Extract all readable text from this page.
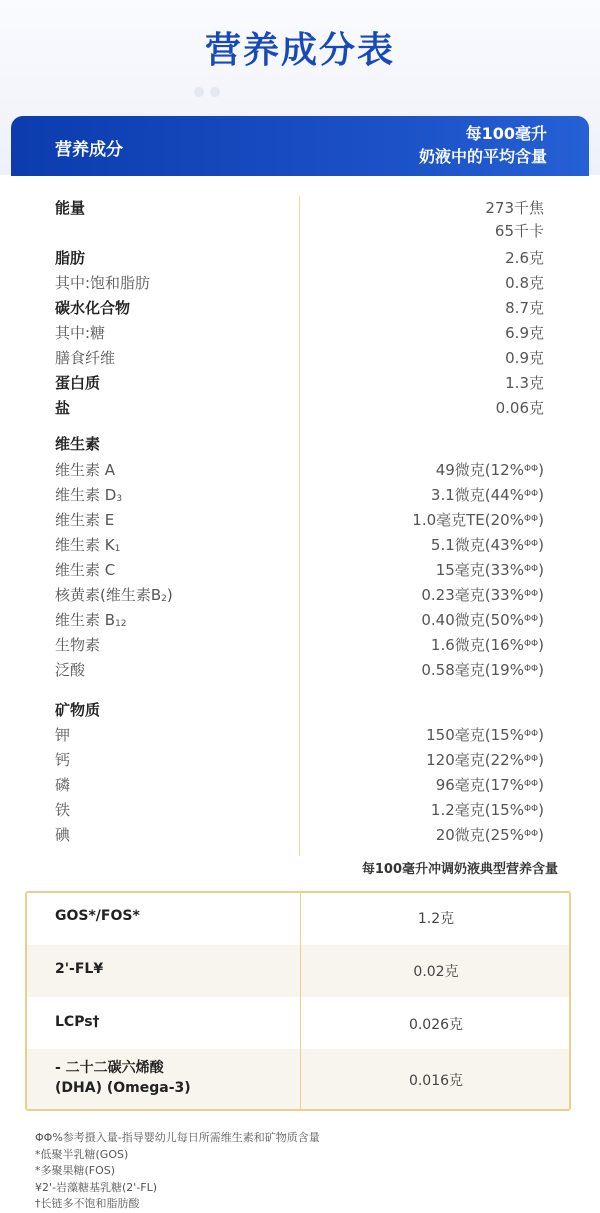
营养成分表
营养成分
每100毫升
奶液中的平均含量
能量	273千焦
65千卡
脂肪	2.6克
其中:饱和脂肪	0.8克
碳水化合物	8.7克
其中:糖	6.9克
膳食纤维	0.9克
蛋白质	1.3克
盐	0.06克
维生素
维生素 A	49微克(12%$^{\Phi\Phi}$)
维生素 $D_3$	3.1微克(44%$^{\Phi\Phi}$)
维生素 E	1.0毫克TE(20%$^{\Phi\Phi}$)
维生素 $K_1$	5.1微克(43%$^{\Phi\Phi}$)
维生素 C	15毫克(33%$^{\Phi\Phi}$)
核黄素(维生素$B_2$)	0.23毫克(33%$^{\Phi\Phi}$)
维生素 $B_{12}$	0.40微克(50%$^{\Phi\Phi}$)
生物素	1.6微克(16%$^{\Phi\Phi}$)
泛酸	0.58毫克(19%$^{\Phi\Phi}$)
矿物质
钾	150毫克(15%$^{\Phi\Phi}$)
钙	120毫克(22%$^{\Phi\Phi}$)
磷	96毫克(17%$^{\Phi\Phi}$)
铁	1.2毫克(15%$^{\Phi\Phi}$)
碘	20微克(25%$^{\Phi\Phi}$)
每100毫升冲调奶液典型营养含量
GOS*/FOS*	1.2克
2'-FL¥	0.02克
LCPs†	0.026克
- 二十二碳六烯酸
(DHA) (Omega-3)	0.016克
ΦΦ%参考摄入量-指导婴幼儿每日所需维生素和矿物质含量
*低聚半乳糖(GOS)
*多聚果糖(FOS)
¥2'-岩藻糖基乳糖(2'-FL)
†长链多不饱和脂肪酸
